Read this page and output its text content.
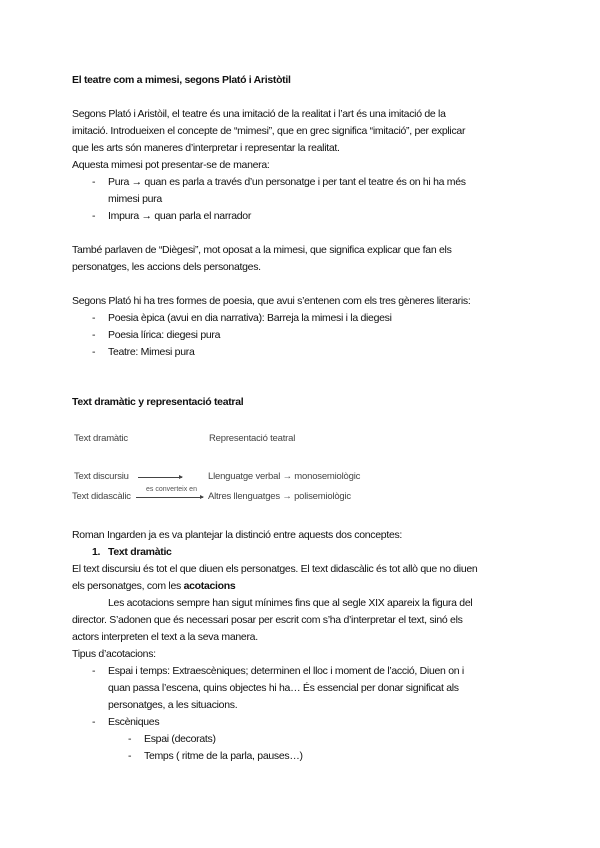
El teatre com a mimesi, segons Plató i Aristòtil
Segons Plató i Aristòil, el teatre és una imitació de la realitat i l’art és una imitació de la
imitació. Introdueixen el concepte de “mimesi”, que en grec significa “imitació”, per explicar
que les arts són maneres d’interpretar i representar la realitat.
Aquesta mimesi pot presentar-se de manera:
- Pura → quan es parla a través d’un personatge i per tant el teatre és on hi ha més
mimesi pura
- Impura → quan parla el narrador
També parlaven de “Diègesi”, mot oposat a la mimesi, que significa explicar que fan els
personatges, les accions dels personatges.
Segons Plató hi ha tres formes de poesia, que avui s’entenen com els tres gèneres literaris:
- Poesia èpica (avui en dia narrativa): Barreja la mimesi i la diegesi
- Poesia lírica: diegesi pura
- Teatre: Mimesi pura
Text dramàtic y representació teatral
Text dramàtic	Representació teatral
Text discursiu	Llenguatge verbal → monosemiològic
es converteix en
Text didascàlic	Altres llenguatges → polisemiològic
Roman Ingarden ja es va plantejar la distinció entre aquests dos conceptes:
1. Text dramàtic
El text discursiu és tot el que diuen els personatges. El text didascàlic és tot allò que no diuen
els personatges, com les acotacions
Les acotacions sempre han sigut mínimes fins que al segle XIX apareix la figura del
director. S’adonen que és necessari posar per escrit com s’ha d’interpretar el text, sinó els
actors interpreten el text a la seva manera.
Tipus d’acotacions:
- Espai i temps: Extraescèniques; determinen el lloc i moment de l’acció, Diuen on i
quan passa l’escena, quins objectes hi ha… És essencial per donar significat als
personatges, a les situacions.
- Escèniques
- Espai (decorats)
- Temps ( ritme de la parla, pauses…)
